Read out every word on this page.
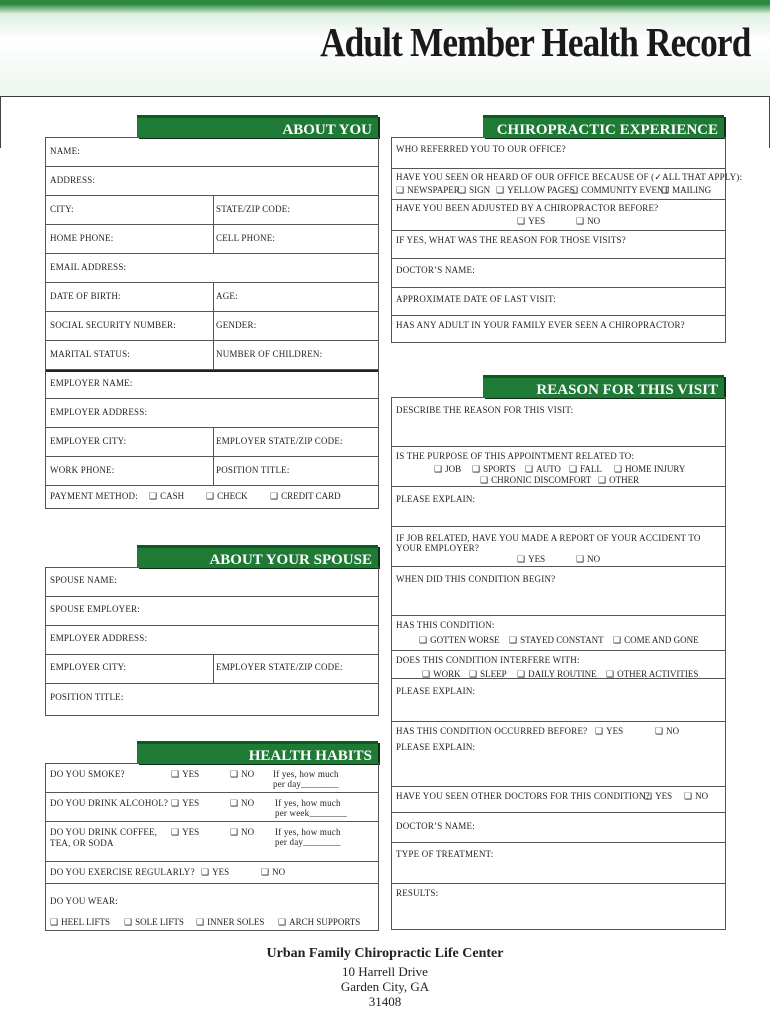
Adult Member Health Record
ABOUT YOU
NAME:
ADDRESS:
CITY:	STATE/ZIP CODE:
HOME PHONE:	CELL PHONE:
EMAIL ADDRESS:
DATE OF BIRTH:	AGE:
SOCIAL SECURITY NUMBER:	GENDER:
MARITAL STATUS:	NUMBER OF CHILDREN:
EMPLOYER NAME:
EMPLOYER ADDRESS:
EMPLOYER CITY:	EMPLOYER STATE/ZIP CODE:
WORK PHONE:	POSITION TITLE:
PAYMENT METHOD:	❑ CASH	❑ CHECK	❑ CREDIT CARD
CHIROPRACTIC EXPERIENCE
WHO REFERRED YOU TO OUR OFFICE?
HAVE YOU SEEN OR HEARD OF OUR OFFICE BECAUSE OF (✓ALL THAT APPLY):
❑ NEWSPAPER	❑ SIGN	❑ YELLOW PAGES ❑ COMMUNITY EVENT ❑ MAILING
HAVE YOU BEEN ADJUSTED BY A CHIROPRACTOR BEFORE?
❑ YES	❑ NO
IF YES, WHAT WAS THE REASON FOR THOSE VISITS?
DOCTOR’S NAME:
APPROXIMATE DATE OF LAST VISIT:
HAS ANY ADULT IN YOUR FAMILY EVER SEEN A CHIROPRACTOR?
REASON FOR THIS VISIT
DESCRIBE THE REASON FOR THIS VISIT:
IS THE PURPOSE OF THIS APPOINTMENT RELATED TO:
❑ JOB	❑ SPORTS	❑ AUTO	❑ FALL	❑ HOME INJURY
❑ CHRONIC DISCOMFORT	❑ OTHER
PLEASE EXPLAIN:
IF JOB RELATED, HAVE YOU MADE A REPORT OF YOUR ACCIDENT TO YOUR EMPLOYER?
❑ YES	❑ NO
WHEN DID THIS CONDITION BEGIN?
HAS THIS CONDITION:
❑ GOTTEN WORSE	❑ STAYED CONSTANT	❑ COME AND GONE
DOES THIS CONDITION INTERFERE WITH:
❑ WORK	❑ SLEEP	❑ DAILY ROUTINE	❑ OTHER ACTIVITIES
PLEASE EXPLAIN:
HAS THIS CONDITION OCCURRED BEFORE?	❑ YES	❑ NO
PLEASE EXPLAIN:
HAVE YOU SEEN OTHER DOCTORS FOR THIS CONDITION? ❑ YES	❑ NO
DOCTOR’S NAME:
TYPE OF TREATMENT:
RESULTS:
ABOUT YOUR SPOUSE
SPOUSE NAME:
SPOUSE EMPLOYER:
EMPLOYER ADDRESS:
EMPLOYER CITY:	EMPLOYER STATE/ZIP CODE:
POSITION TITLE:
HEALTH HABITS
DO YOU SMOKE?	❑ YES	❑ NO If yes, how much per day________
DO YOU DRINK ALCOHOL?	❑ YES	❑ NO If yes, how much per week________
DO YOU DRINK COFFEE, TEA, OR SODA
❑ YES	❑ NO If yes, how much per day________
DO YOU EXERCISE REGULARLY?	❑ YES	❑ NO
DO YOU WEAR:
❑ HEEL LIFTS	❑ SOLE LIFTS	❑ INNER SOLES	❑ ARCH SUPPORTS
Urban Family Chiropractic Life Center
10 Harrell Drive
Garden City, GA
31408
